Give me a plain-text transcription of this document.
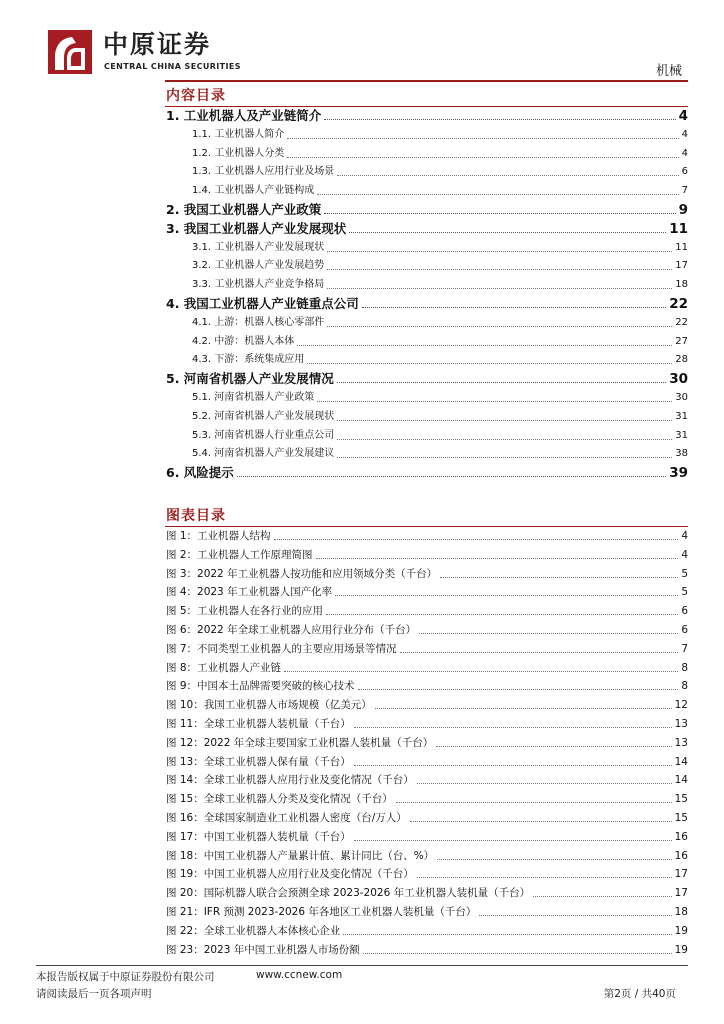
中原证券
CENTRAL CHINA SECURITIES	机械
内容目录
1. 工业机器人及产业链简介	4
1.1. 工业机器人简介	4
1.2. 工业机器人分类	4
1.3. 工业机器人应用行业及场景	6
1.4. 工业机器人产业链构成	7
2. 我国工业机器人产业政策	9
3. 我国工业机器人产业发展现状	11
3.1. 工业机器人产业发展现状	11
3.2. 工业机器人产业发展趋势	17
3.3. 工业机器人产业竞争格局	18
4. 我国工业机器人产业链重点公司	22
4.1. 上游：机器人核心零部件	22
4.2. 中游：机器人本体	27
4.3. 下游：系统集成应用	28
5. 河南省机器人产业发展情况	30
5.1. 河南省机器人产业政策	30
5.2. 河南省机器人产业发展现状	31
5.3. 河南省机器人行业重点公司	31
5.4. 河南省机器人产业发展建议	38
6. 风险提示	39
图表目录
图 1：工业机器人结构	4
图 2：工业机器人工作原理简图	4
图 3：2022 年工业机器人按功能和应用领域分类（千台）	5
图 4：2023 年工业机器人国产化率	5
图 5：工业机器人在各行业的应用	6
图 6：2022 年全球工业机器人应用行业分布（千台）	6
图 7：不同类型工业机器人的主要应用场景等情况	7
图 8：工业机器人产业链	8
图 9：中国本土品牌需要突破的核心技术	8
图 10：我国工业机器人市场规模（亿美元）	12
图 11：全球工业机器人装机量（千台）	13
图 12：2022 年全球主要国家工业机器人装机量（千台）	13
图 13：全球工业机器人保有量（千台）	14
图 14：全球工业机器人应用行业及变化情况（千台）	14
图 15：全球工业机器人分类及变化情况（千台）	15
图 16：全球国家制造业工业机器人密度（台/万人）	15
图 17：中国工业机器人装机量（千台）	16
图 18：中国工业机器人产量累计值、累计同比（台、%）	16
图 19：中国工业机器人应用行业及变化情况（千台）	17
图 20：国际机器人联合会预测全球 2023-2026 年工业机器人装机量（千台）	17
图 21：IFR 预测 2023-2026 年各地区工业机器人装机量（千台）	18
图 22：全球工业机器人本体核心企业	19
图 23：2023 年中国工业机器人市场份额	19
本报告版权属于中原证券股份有限公司	www.ccnew.com
请阅读最后一页各项声明	第2页 / 共40页
